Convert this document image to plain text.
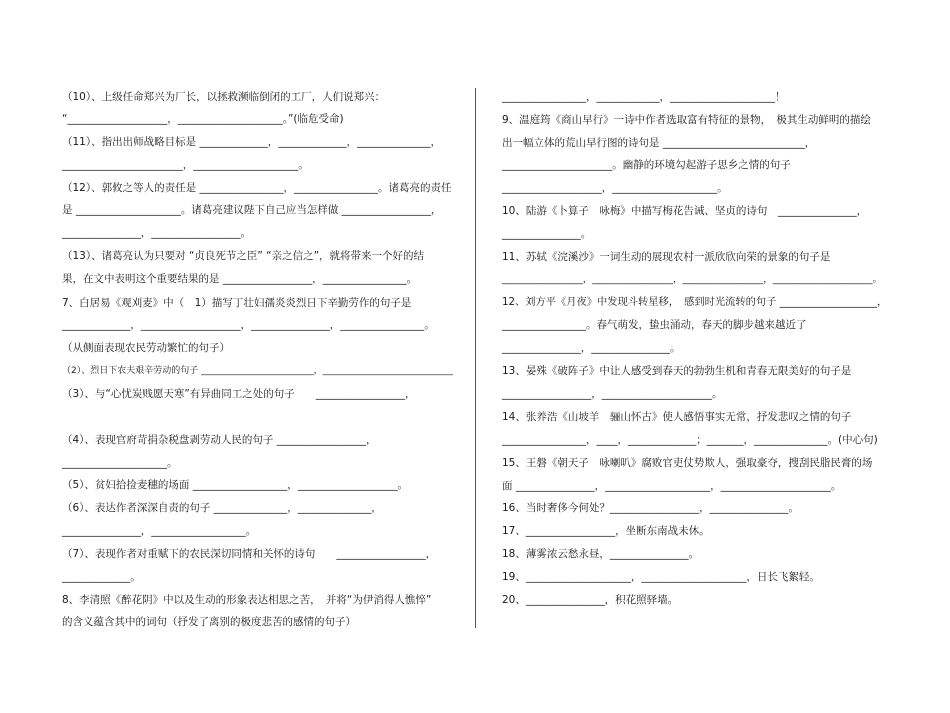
（10）、上级任命郑兴为厂长，以拯救濒临倒闭的工厂，人们说郑兴：
“___________________，____________________。”(临危受命)
（11）、指出出师战略目标是 _____________，_____________，______________，
_______________________，____________________。
（12）、郭攸之等人的责任是 ________________，________________。诸葛亮的责任
是 ____________________。诸葛亮建议陛下自己应当怎样做 _________________，
_______________，_________________。
（13）、诸葛亮认为只要对 “贞良死节之臣” “亲之信之”，就将带来一个好的结
果，在文中表明这个重要结果的是 _________________，________________。
7、白居易《观刈麦》中（　1）描写丁壮妇孺炎炎烈日下辛勤劳作的句子是
_____________，___________________，_______________，________________。
（从侧面表现农民劳动繁忙的句子）
（2）、烈日下农夫艰辛劳动的句子 _________________________，_____________________________
（3）、与“心忧炭贱愿天寒”有异曲同工之处的句子　　_________________，
（4）、表现官府苛捐杂税盘剥劳动人民的句子 _________________，
____________________。
（5）、贫妇拾捡麦穗的场面 __________________，___________________。
（6）、表达作者深深自责的句子 ______________，______________，
_______________，__________________。
（7）、表现作者对重赋下的农民深切同情和关怀的诗句　　_________________，
_____________。
8、李清照《醉花阴》中以及生动的形象表达相思之苦，　并将“为伊消得人憔悴”
的含义蕴含其中的词句（抒发了离别的极度悲苦的感情的句子）
________________，____________，____________________！
9、温庭筠《商山早行》一诗中作者选取富有特征的景物，　极其生动鲜明的描绘
出一幅立体的荒山早行图的诗句是 ___________________________，
_____________________。幽静的环境勾起游子思乡之情的句子
___________________，____________________。
10、陆游《卜算子　咏梅》中描写梅花告诫、坚贞的诗句　_______________，
_______________。
11、苏轼《浣溪沙》一词生动的展现农村一派欣欣向荣的景象的句子是
_________________，_________________，_________________，_____________________。
12、刘方平《月夜》中发现斗转星移，　感到时光流转的句子 ___________________，
________________。春气萌发，蛰虫涌动，春天的脚步越来越近了
_______________，_______________。
13、晏殊《破阵子》中让人感受到春天的勃勃生机和青春无限美好的句子是
_________________，_____________________。
14、张养浩《山坡羊　骊山怀古》使人感悟事实无常，抒发悲叹之情的句子
________________，____，_____________；_______，______________。(中心句)
15、王磐《朝天子　咏喇叭》腐败官吏仗势欺人，强取豪夺，搜刮民脂民膏的场
面 _______________，____________________，_____________________。
16、当时奢侈今何处？_________________，_______________。
17、_________________，坐断东南战未休。
18、薄雾浓云愁永昼，_______________。
19、____________________，____________________，日长飞絮轻。
20、_______________，积花照驿墙。
